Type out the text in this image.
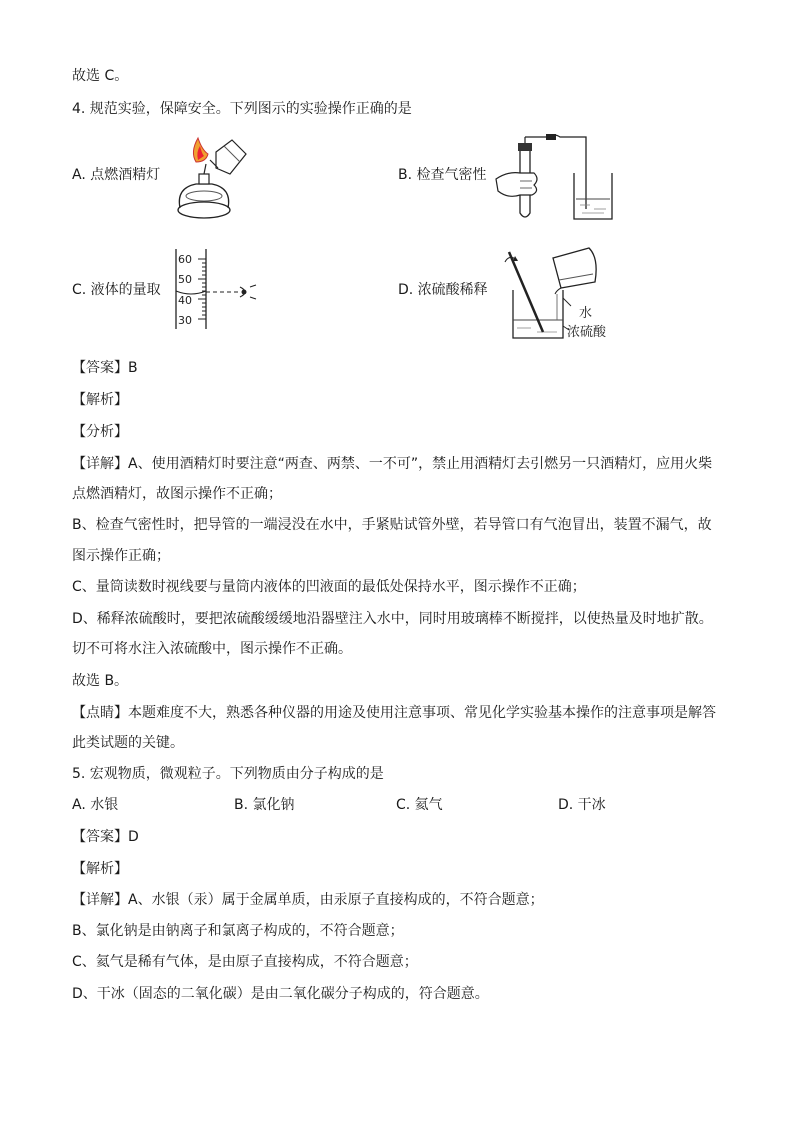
故选 C。
4. 规范实验，保障安全。下列图示的实验操作正确的是
A. 点燃酒精灯	B. 检查气密性
C. 液体的量取
60
50
40
30
D. 浓硫酸稀释
水
浓硫酸
【答案】B
【解析】
【分析】
【详解】A、使用酒精灯时要注意“两查、两禁、一不可”，禁止用酒精灯去引燃另一只酒精灯，应用火柴
点燃酒精灯，故图示操作不正确；
B、检查气密性时，把导管的一端浸没在水中，手紧贴试管外壁，若导管口有气泡冒出，装置不漏气，故
图示操作正确；
C、量筒读数时视线要与量筒内液体的凹液面的最低处保持水平，图示操作不正确；
D、稀释浓硫酸时，要把浓硫酸缓缓地沿器壁注入水中，同时用玻璃棒不断搅拌，以使热量及时地扩散。
切不可将水注入浓硫酸中，图示操作不正确。
故选 B。
【点睛】本题难度不大，熟悉各种仪器的用途及使用注意事项、常见化学实验基本操作的注意事项是解答
此类试题的关键。
5. 宏观物质，微观粒子。下列物质由分子构成的是
A. 水银	B. 氯化钠	C. 氦气	D. 干冰
【答案】D
【解析】
【详解】A、水银（汞）属于金属单质，由汞原子直接构成的，不符合题意；
B、氯化钠是由钠离子和氯离子构成的，不符合题意；
C、氦气是稀有气体，是由原子直接构成，不符合题意；
D、干冰（固态的二氧化碳）是由二氧化碳分子构成的，符合题意。
